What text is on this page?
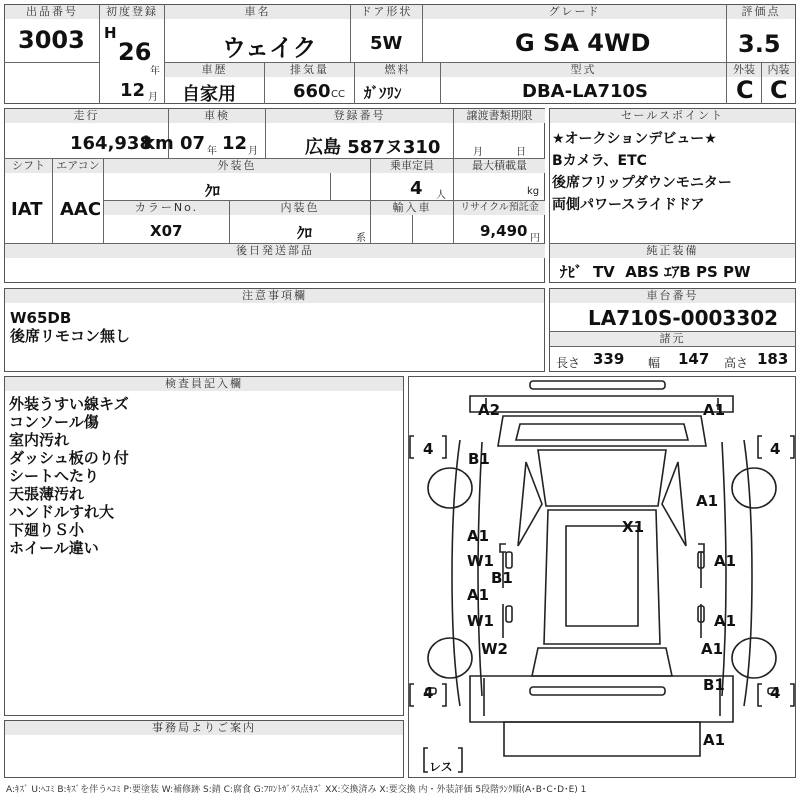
出品番号
3003
初度登録
H
26
年
12 月
車名
ウェイク
ドア形状
5W
グレード
G SA 4WD
評価点
3.5
車歴
自家用
排気量
660 CC
燃料
ｶﾞｿﾘﾝ
型式
DBA-LA710S
外装
C
内装
C
走行
164,938
km
車検
07 年 12 月
登録番号
広島 587ヌ310
譲渡書類期限
月	日
シフト
IAT
エアコン
AAC
外装色
ｸﾛ
乗車定員
4 人
最大積載量
kg
カラーNo.
X07
内装色
ｸﾛ	系
輸入車	リサイクル預託金
9,490 円
後日発送部品
セールスポイント
★オークションデビュー★
Bカメラ、ETC
後席フリップダウンモニター
両側パワースライドドア
純正装備
ﾅﾋﾞ  TV  ABS ｴｱB PS PW
注意事項欄
W65DB
後席リモコン無し
車台番号
LA710S-0003302
諸元
長さ 339 幅 147 高さ 183
検査員記入欄
外装うすい線キズ
コンソール傷
室内汚れ
ダッシュ板のり付
シートへたり
天張薄汚れ
ハンドルすれ大
下廻りＳ小
ホイール違い
事務局よりご案内
A2	A1
B1
A1
X1
A1
W1	A1
B1
A1
W1	A1
W2	A1
B1
A1
4	4
4	4
レス
A:ｷｽﾞ U:ﾍｺﾐ B:ｷｽﾞを伴うﾍｺﾐ P:要塗装 W:補修跡 S:錆 C:腐食 G:ﾌﾛﾝﾄｶﾞﾗｽ点ｷｽﾞ XX:交換済み X:要交換 内・外装評価 5段階ﾗﾝｸ順(A･B･C･D･E) 1
